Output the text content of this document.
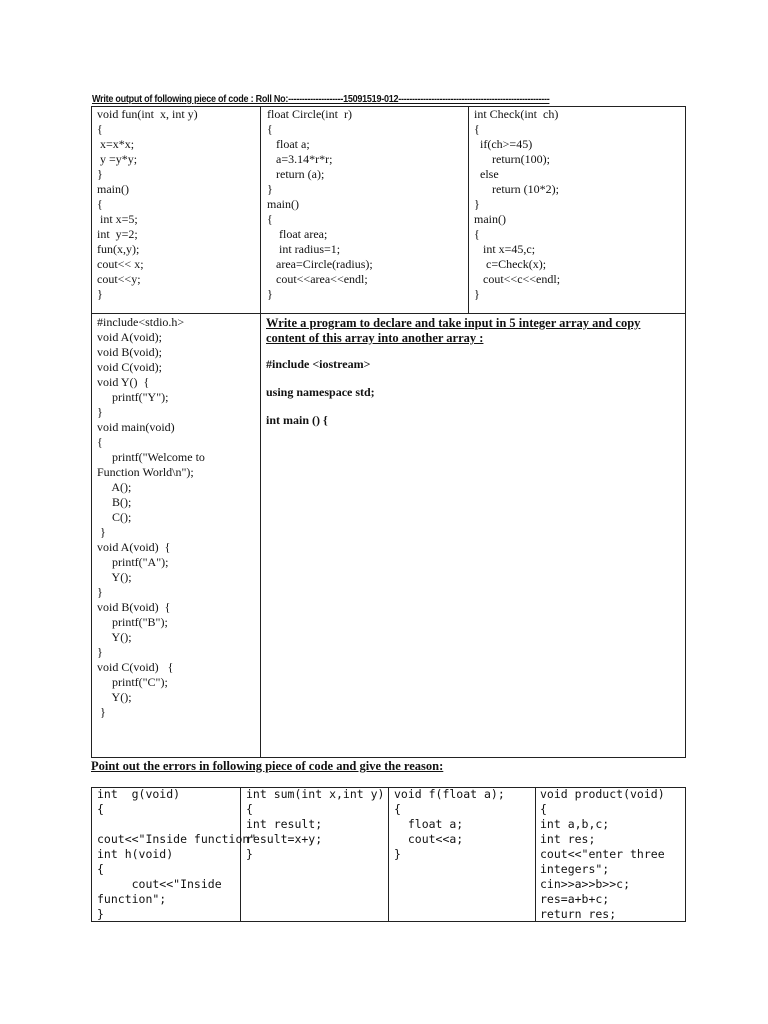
Write output of following piece of code : Roll No:--------------------15091519-012-------------------------------------------------------
void fun(int  x, int y)
{
x=x*x;
y =y*y;
}
main()
{
int x=5;
int  y=2;
fun(x,y);
cout<< x;
cout<<y;
}
float Circle(int  r)
{
float a;
a=3.14*r*r;
return (a);
}
main()
{
float area;
int radius=1;
area=Circle(radius);
cout<<area<<endl;
}
int Check(int  ch)
{
if(ch>=45)
return(100);
else
return (10*2);
}
main()
{
int x=45,c;
c=Check(x);
cout<<c<<endl;
}
#include<stdio.h>
void A(void);
void B(void);
void C(void);
void Y()  {
printf("Y");
}
void main(void)
{
printf("Welcome to
Function World\n");
A();
B();
C();
}
void A(void)  {
printf("A");
Y();
}
void B(void)  {
printf("B");
Y();
}
void C(void)   {
printf("C");
Y();
}
Write a program to declare and take input in 5 integer array and copy
content of this array into another array :
#include <iostream>
using namespace std;
int main () {
Point out the errors in following piece of code and give the reason:
int  g(void)
{

cout<<"Inside function"
int h(void)
{
cout<<"Inside
function";
}
int sum(int x,int y)
{
int result;
result=x+y;
}
void f(float a);
{
float a;
cout<<a;
}
void product(void)
{
int a,b,c;
int res;
cout<<"enter three
integers";
cin>>a>>b>>c;
res=a+b+c;
return res;
